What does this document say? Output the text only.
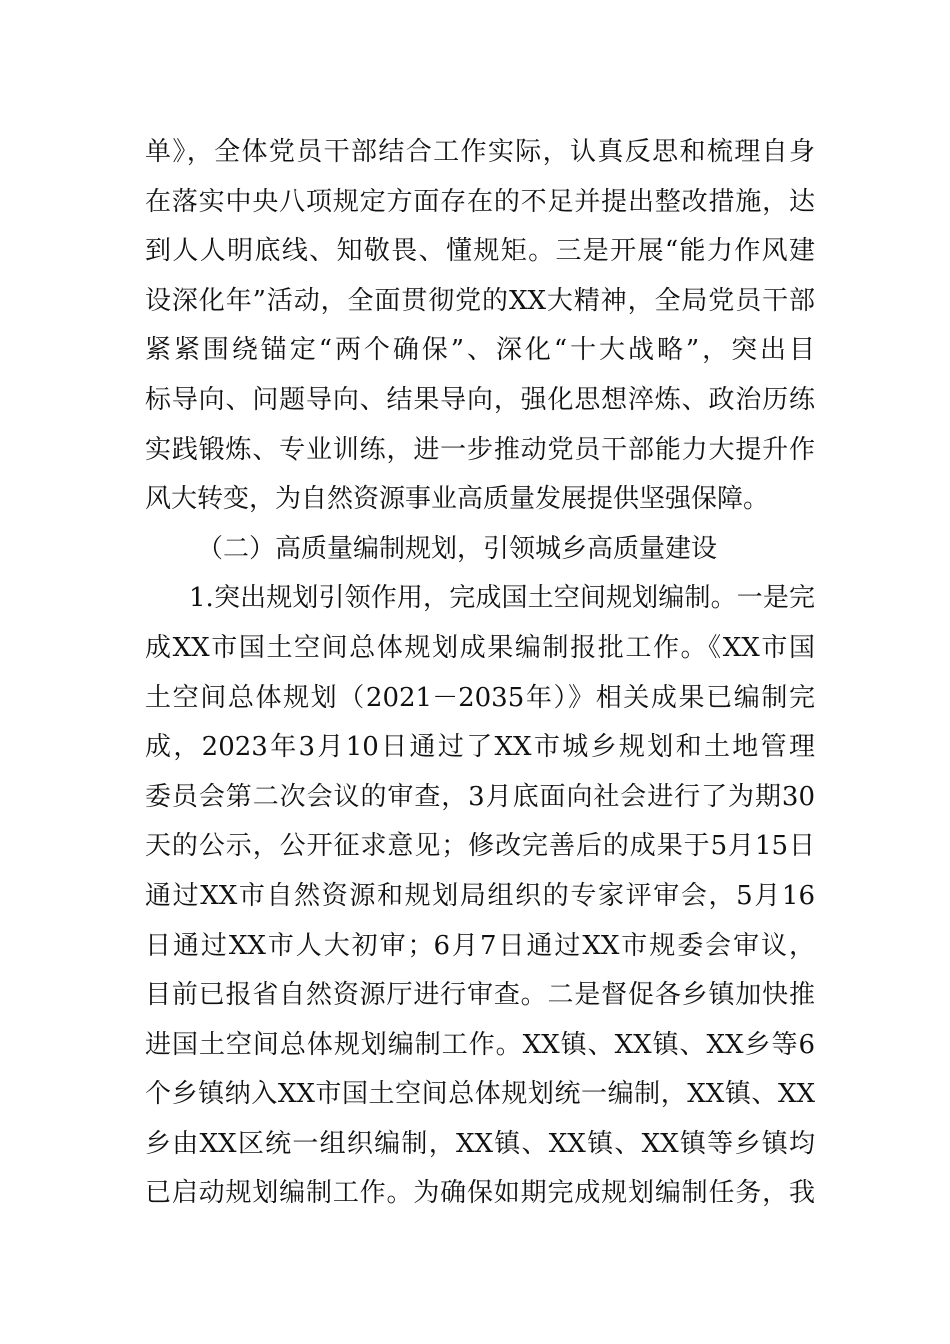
单》，全体党员干部结合工作实际，认真反思和梳理自身
在落实中央八项规定方面存在的不足并提出整改措施，达
到人人明底线、知敬畏、懂规矩。三是开展“能力作风建
设深化年”活动，全面贯彻党的XX大精神，全局党员干部
紧紧围绕锚定“两个确保”、深化“十大战略”，突出目
标导向、问题导向、结果导向，强化思想淬炼、政治历练
实践锻炼、专业训练，进一步推动党员干部能力大提升作
风大转变，为自然资源事业高质量发展提供坚强保障。
（二）高质量编制规划，引领城乡高质量建设
1.突出规划引领作用，完成国土空间规划编制。一是完
成XX市国土空间总体规划成果编制报批工作。《XX市国
土空间总体规划（2021－2035年）》相关成果已编制完
成，2023年3月10日通过了XX市城乡规划和土地管理
委员会第二次会议的审查，3月底面向社会进行了为期30
天的公示，公开征求意见；修改完善后的成果于5月15日
通过XX市自然资源和规划局组织的专家评审会，5月16
日通过XX市人大初审；6月7日通过XX市规委会审议，
目前已报省自然资源厅进行审查。二是督促各乡镇加快推
进国土空间总体规划编制工作。XX镇、XX镇、XX乡等6
个乡镇纳入XX市国土空间总体规划统一编制，XX镇、XX
乡由XX区统一组织编制，XX镇、XX镇、XX镇等乡镇均
已启动规划编制工作。为确保如期完成规划编制任务，我
